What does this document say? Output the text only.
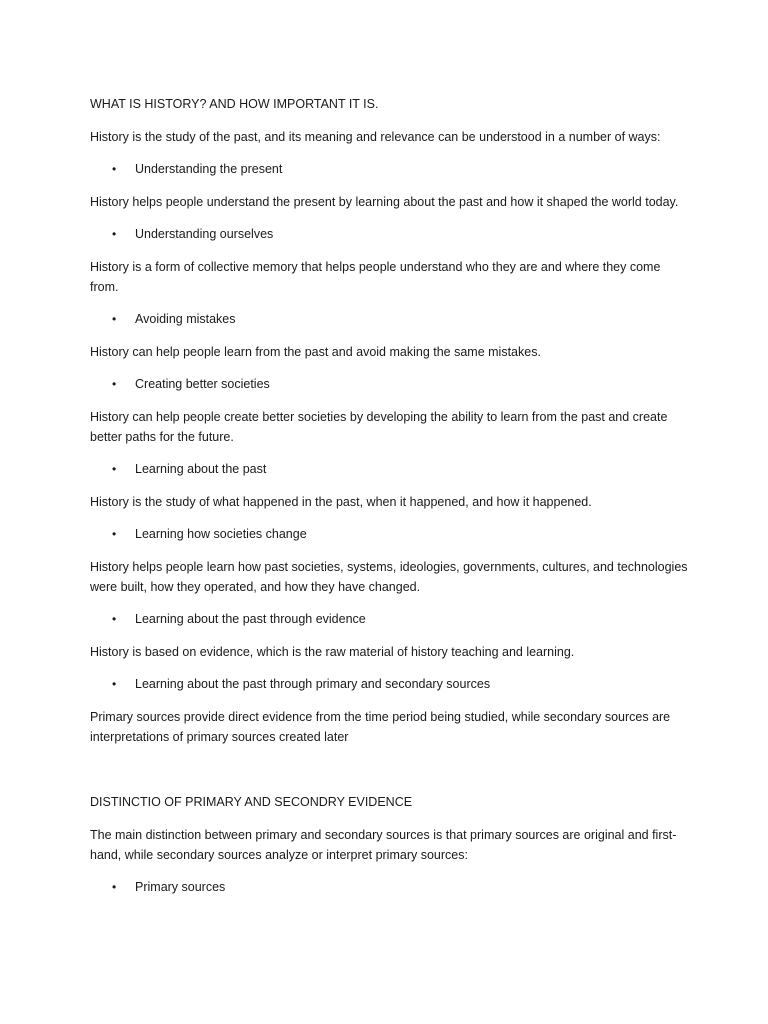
WHAT IS HISTORY? AND HOW IMPORTANT IT IS.

History is the study of the past, and its meaning and relevance can be understood in a number of ways:

• Understanding the present

History helps people understand the present by learning about the past and how it shaped the world today.

• Understanding ourselves

History is a form of collective memory that helps people understand who they are and where they come from.

• Avoiding mistakes

History can help people learn from the past and avoid making the same mistakes.

• Creating better societies

History can help people create better societies by developing the ability to learn from the past and create better paths for the future.

• Learning about the past

History is the study of what happened in the past, when it happened, and how it happened.

• Learning how societies change

History helps people learn how past societies, systems, ideologies, governments, cultures, and technologies were built, how they operated, and how they have changed.

• Learning about the past through evidence

History is based on evidence, which is the raw material of history teaching and learning.

• Learning about the past through primary and secondary sources

Primary sources provide direct evidence from the time period being studied, while secondary sources are interpretations of primary sources created later

DISTINCTIO OF PRIMARY AND SECONDRY EVIDENCE

The main distinction between primary and secondary sources is that primary sources are original and first-hand, while secondary sources analyze or interpret primary sources:

• Primary sources
